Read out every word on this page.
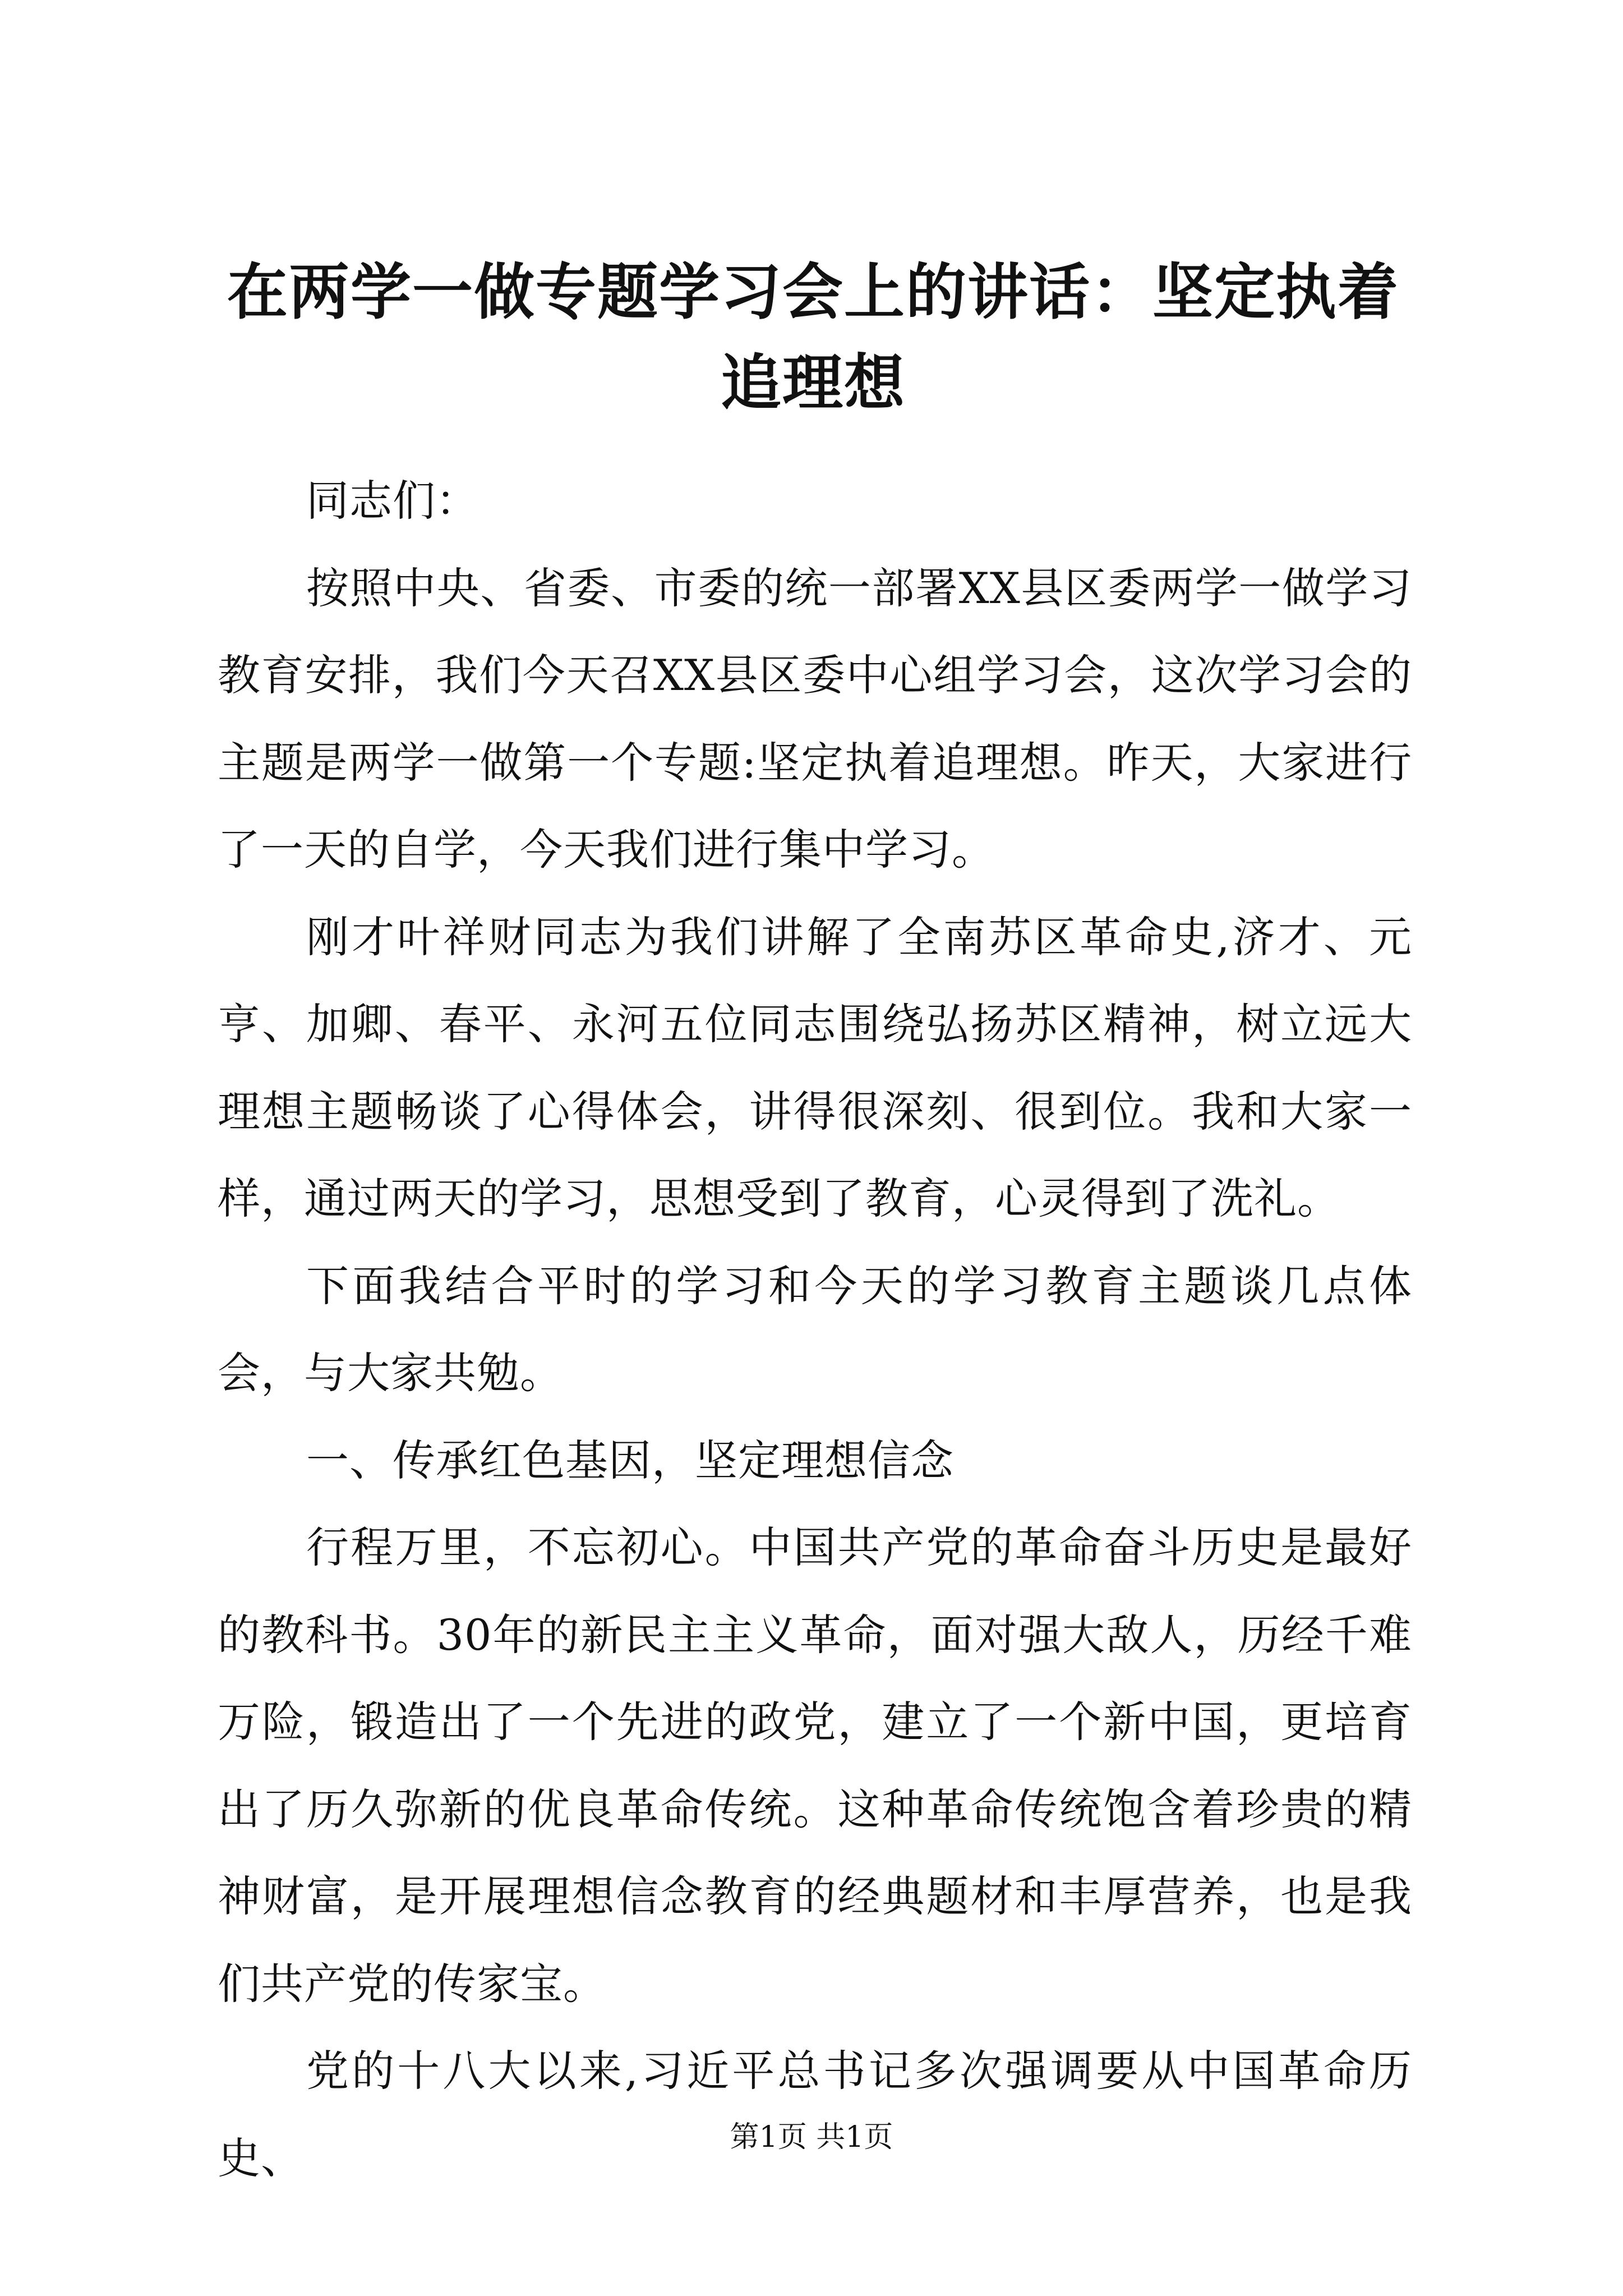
在两学一做专题学习会上的讲话：坚定执着追理想

同志们：

按照中央、省委、市委的统一部署XX县区委两学一做学习教育安排，我们今天召XX县区委中心组学习会，这次学习会的主题是两学一做第一个专题:坚定执着追理想。昨天，大家进行了一天的自学，今天我们进行集中学习。

刚才叶祥财同志为我们讲解了全南苏区革命史,济才、元亨、加卿、春平、永河五位同志围绕弘扬苏区精神，树立远大理想主题畅谈了心得体会，讲得很深刻、很到位。我和大家一样，通过两天的学习，思想受到了教育，心灵得到了洗礼。

下面我结合平时的学习和今天的学习教育主题谈几点体会，与大家共勉。

一、传承红色基因，坚定理想信念

行程万里，不忘初心。中国共产党的革命奋斗历史是最好的教科书。30年的新民主主义革命，面对强大敌人，历经千难万险，锻造出了一个先进的政党，建立了一个新中国，更培育出了历久弥新的优良革命传统。这种革命传统饱含着珍贵的精神财富，是开展理想信念教育的经典题材和丰厚营养，也是我们共产党的传家宝。

党的十八大以来,习近平总书记多次强调要从中国革命历史、	第1页 共1页
